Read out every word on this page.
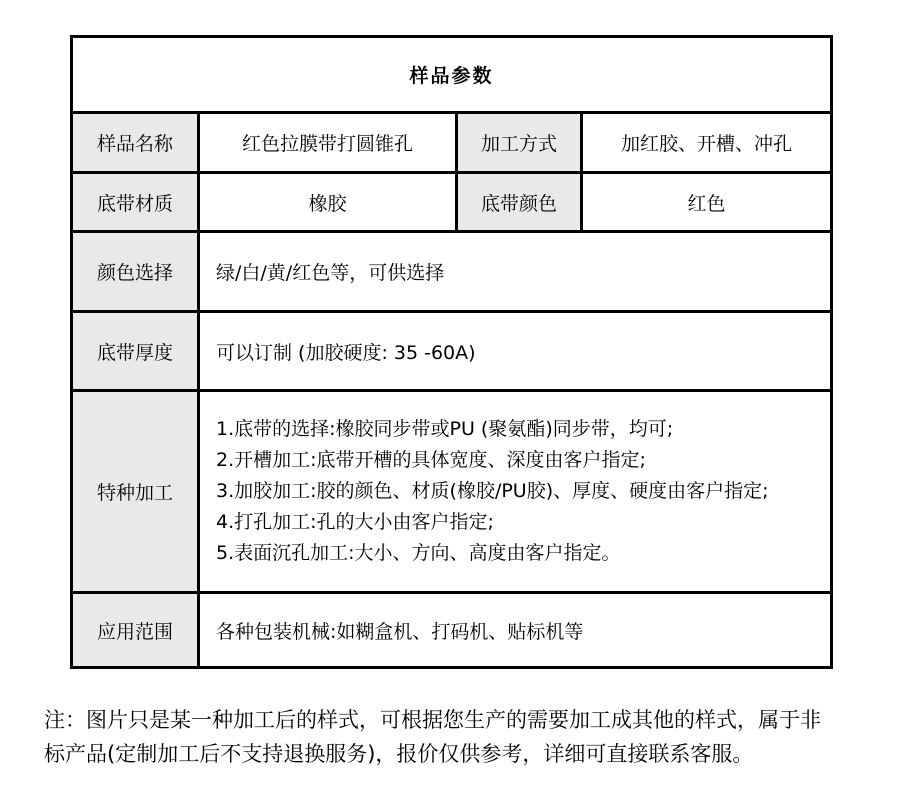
样品参数			
样品名称	红色拉膜带打圆锥孔	加工方式	加红胶、开槽、冲孔
底带材质	橡胶	底带颜色	红色
颜色选择	绿/白/黄/红色等，可供选择		
底带厚度	可以订制 (加胶硬度: 35 -60A)		
特种加工	1.底带的选择:橡胶同步带或PU (聚氨酯)同步带，均可;
2.开槽加工:底带开槽的具体宽度、深度由客户指定;
3.加胶加工:胶的颜色、材质(橡胶/PU胶)、厚度、硬度由客户指定;
4.打孔加工:孔的大小由客户指定;
5.表面沉孔加工:大小、方向、高度由客户指定。		

应用范围	各种包装机械:如糊盒机、打码机、贴标机等		
注：图片只是某一种加工后的样式，可根据您生产的需要加工成其他的样式，属于非
标产品(定制加工后不支持退换服务)，报价仅供参考，详细可直接联系客服。
